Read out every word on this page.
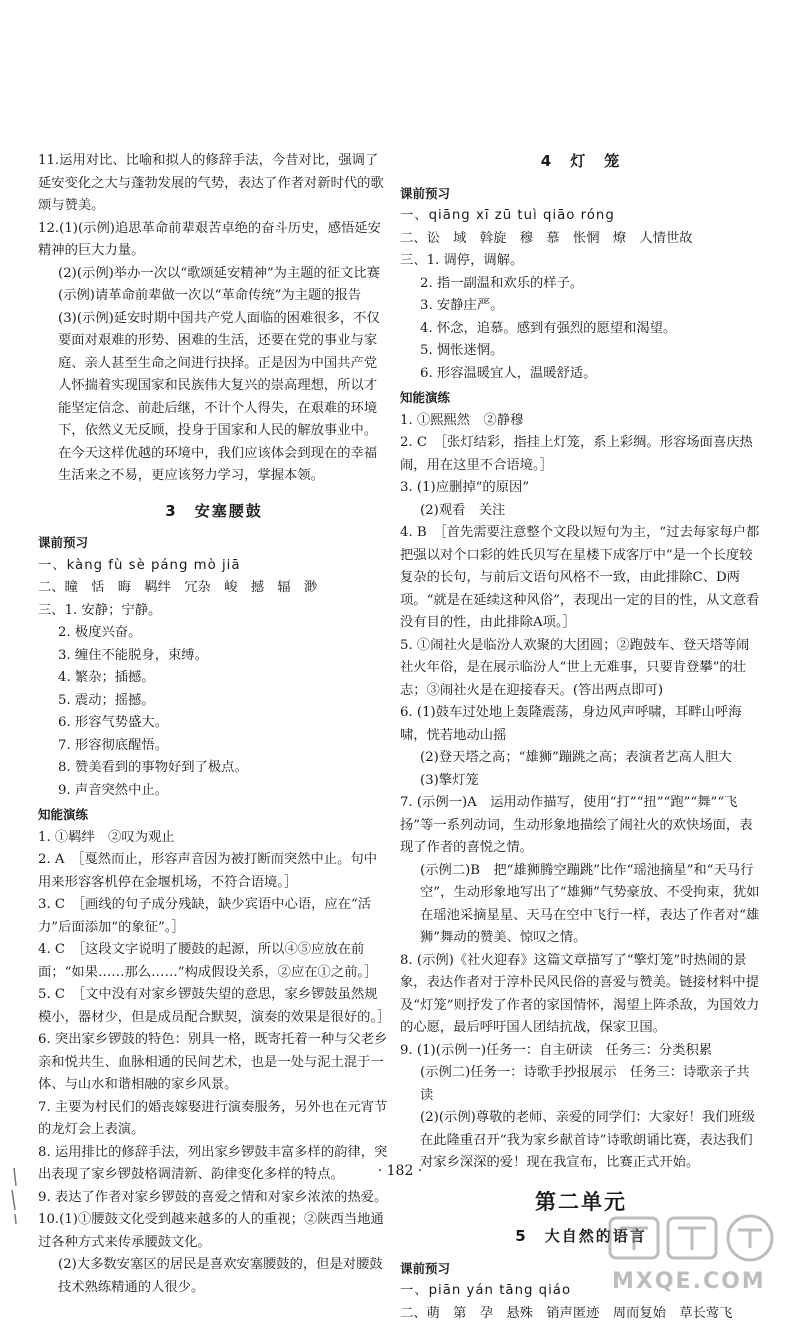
11.运用对比、比喻和拟人的修辞手法，今昔对比，强调了延安变化之大与蓬勃发展的气势，表达了作者对新时代的歌颂与赞美。

12.(1)(示例)追思革命前辈艰苦卓绝的奋斗历史，感悟延安精神的巨大力量。

(2)(示例)举办一次以“歌颂延安精神”为主题的征文比赛

(示例)请革命前辈做一次以“革命传统”为主题的报告

(3)(示例)延安时期中国共产党人面临的困难很多，不仅要面对艰难的形势、困难的生活，还要在党的事业与家庭、亲人甚至生命之间进行抉择。正是因为中国共产党人怀揣着实现国家和民族伟大复兴的崇高理想，所以才能坚定信念、前赴后继，不计个人得失，在艰难的环境下，依然义无反顾，投身于国家和人民的解放事业中。在今天这样优越的环境中，我们应该体会到现在的幸福生活来之不易，更应该努力学习，掌握本领。

3　安塞腰鼓
课前预习

一、kàng fù sè páng mò jiā

二、瞳　恬　晦　羁绊　冗杂　峻　撼　辐　渺

三、1. 安静；宁静。

2. 极度兴奋。

3. 缠住不能脱身，束缚。

4. 繁杂；插撼。

5. 震动；摇撼。

6. 形容气势盛大。

7. 形容彻底醒悟。

8. 赞美看到的事物好到了极点。

9. 声音突然中止。

知能演练

1. ①羁绊　②叹为观止

2. A　［戛然而止，形容声音因为被打断而突然中止。句中用来形容客机停在金堰机场，不符合语境。］

3. C　［画线的句子成分残缺，缺少宾语中心语，应在“活力”后面添加“的象征”。］

4. C　［这段文字说明了腰鼓的起源，所以④⑤应放在前面；“如果……那么……”构成假设关系，②应在①之前。］

5. C　［文中没有对家乡锣鼓失望的意思，家乡锣鼓虽然规模小，器材少，但是成员配合默契，演奏的效果是很好的。］

6. 突出家乡锣鼓的特色：别具一格，既寄托着一种与父老乡亲和悦共生、血脉相通的民间艺术，也是一处与泥土混于一体、与山水和谐相融的家乡风景。

7. 主要为村民们的婚丧嫁娶进行演奏服务，另外也在元宵节的龙灯会上表演。

8. 运用排比的修辞手法，列出家乡锣鼓丰富多样的韵律，突出表现了家乡锣鼓格调清新、韵律变化多样的特点。

9. 表达了作者对家乡锣鼓的喜爱之情和对家乡浓浓的热爱。

10.(1)①腰鼓文化受到越来越多的人的重视；②陕西当地通过各种方式来传承腰鼓文化。

(2)大多数安塞区的居民是喜欢安塞腰鼓的，但是对腰鼓技术熟练精通的人很少。

4　灯　笼
课前预习

一、qiāng xī zū tuì qiāo róng

二、讼　域　斡旋　穆　慕　怅惘　燎　人情世故

三、1. 调停，调解。

2. 指一副温和欢乐的样子。

3. 安静庄严。

4. 怀念，追慕。感到有强烈的愿望和渴望。

5. 惆怅迷惘。

6. 形容温暖宜人，温暖舒适。

知能演练

1. ①熙熙然　②静穆

2. C　［张灯结彩，指挂上灯笼，系上彩绸。形容场面喜庆热闹，用在这里不合语境。］

3. (1)应删掉“的原因”

(2)观看　关注

4. B　［首先需要注意整个文段以短句为主，“过去每家每户都把强以对个口彩的姓氏贝写在星楼下成客厅中”是一个长度较复杂的长句，与前后文语句风格不一致，由此排除C、D两项。“就是在延续这种风俗”，表现出一定的目的性，从文意看没有目的性，由此排除A项。］

5. ①闹社火是临汾人欢聚的大团圆；②跑鼓车、登天塔等闹社火年俗，是在展示临汾人“世上无难事，只要肯登攀”的壮志；③闹社火是在迎接春天。(答出两点即可)

6. (1)鼓车过处地上轰隆震荡，身边风声呼啸，耳畔山呼海啸，恍若地动山摇

(2)登天塔之高；“雄狮”蹦跳之高；表演者艺高人胆大

(3)擎灯笼

7. (示例一)A　运用动作描写，使用“打”“扭”“跑”“舞”“飞扬”等一系列动词，生动形象地描绘了闹社火的欢快场面，表现了作者的喜悦之情。

(示例二)B　把“雄狮腾空蹦跳”比作“瑶池摘星”和“天马行空”，生动形象地写出了“雄狮”气势豪放、不受拘束，犹如在瑶池采摘星星、天马在空中飞行一样，表达了作者对“雄狮”舞动的赞美、惊叹之情。

8. (示例)《社火迎春》这篇文章描写了“擎灯笼”时热闹的景象，表达作者对于淳朴民风民俗的喜爱与赞美。链接材料中提及“灯笼”则抒发了作者的家国情怀，渴望上阵杀敌，为国效力的心愿，最后呼吁国人团结抗战，保家卫国。

9. (1)(示例一)任务一：自主研读　任务三：分类积累

(示例二)任务一：诗歌手抄报展示　任务三：诗歌亲子共读

(2)(示例)尊敬的老师、亲爱的同学们：大家好！我们班级在此隆重召开“我为家乡献首诗”诗歌朗诵比赛，表达我们对家乡深深的爱！现在我宣布，比赛正式开始。

第二单元
5　大自然的语言
课前预习

一、piān yán tāng qiáo

二、萌　第　孕　悬殊　销声匿迹　周而复始　草长莺飞

· 182 ·
MXQE.COM
